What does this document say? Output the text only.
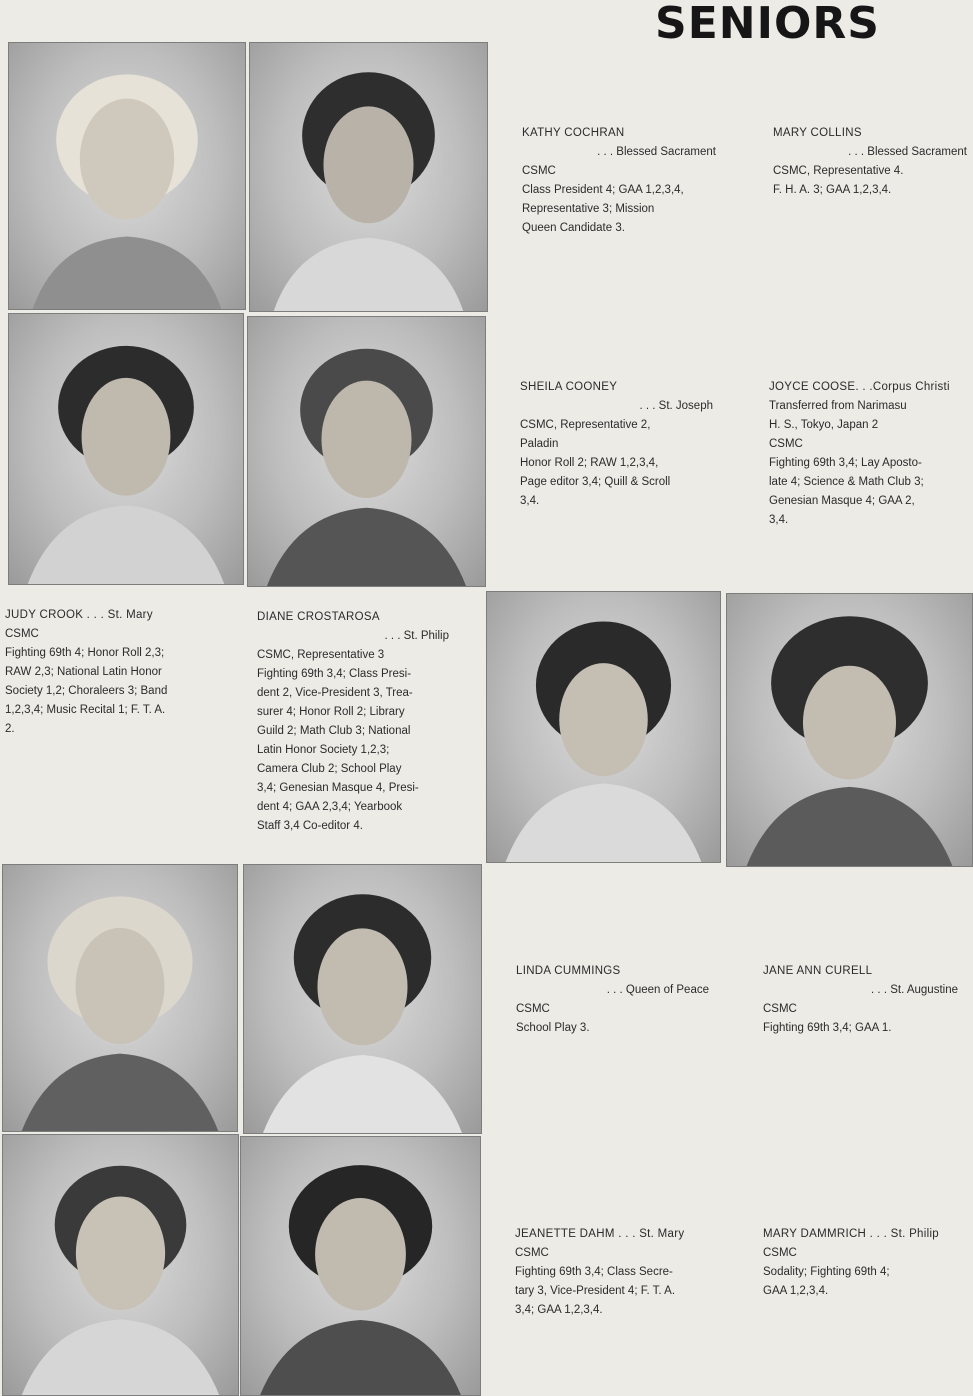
SENIORS
KATHY COCHRAN
. . . Blessed Sacrament
CSMC
Class President 4; GAA 1,2,3,4,
Representative 3; Mission
Queen Candidate 3.
MARY COLLINS
. . . Blessed Sacrament
CSMC, Representative 4.
F. H. A. 3; GAA 1,2,3,4.
SHEILA COONEY
. . . St. Joseph
CSMC, Representative 2,
Paladin
Honor Roll 2; RAW 1,2,3,4,
Page editor 3,4; Quill & Scroll
3,4.
JOYCE COOSE. . .Corpus Christi
Transferred from Narimasu
H. S., Tokyo, Japan 2
CSMC
Fighting 69th 3,4; Lay Aposto-
late 4; Science & Math Club 3;
Genesian Masque 4; GAA 2,
3,4.
JUDY CROOK . . . St. Mary
CSMC
Fighting 69th 4; Honor Roll 2,3;
RAW 2,3; National Latin Honor
Society 1,2; Choraleers 3; Band
1,2,3,4; Music Recital 1; F. T. A.
2.
DIANE CROSTAROSA
. . . St. Philip
CSMC, Representative 3
Fighting 69th 3,4; Class Presi-
dent 2, Vice-President 3, Trea-
surer 4; Honor Roll 2; Library
Guild 2; Math Club 3; National
Latin Honor Society 1,2,3;
Camera Club 2; School Play
3,4; Genesian Masque 4, Presi-
dent 4; GAA 2,3,4; Yearbook
Staff 3,4 Co-editor 4.
LINDA CUMMINGS
. . . Queen of Peace
CSMC
School Play 3.
JANE ANN CURELL
. . . St. Augustine
CSMC
Fighting 69th 3,4; GAA 1.
JEANETTE DAHM . . . St. Mary
CSMC
Fighting 69th 3,4; Class Secre-
tary 3, Vice-President 4; F. T. A.
3,4; GAA 1,2,3,4.
MARY DAMMRICH . . . St. Philip
CSMC
Sodality; Fighting 69th 4;
GAA 1,2,3,4.
